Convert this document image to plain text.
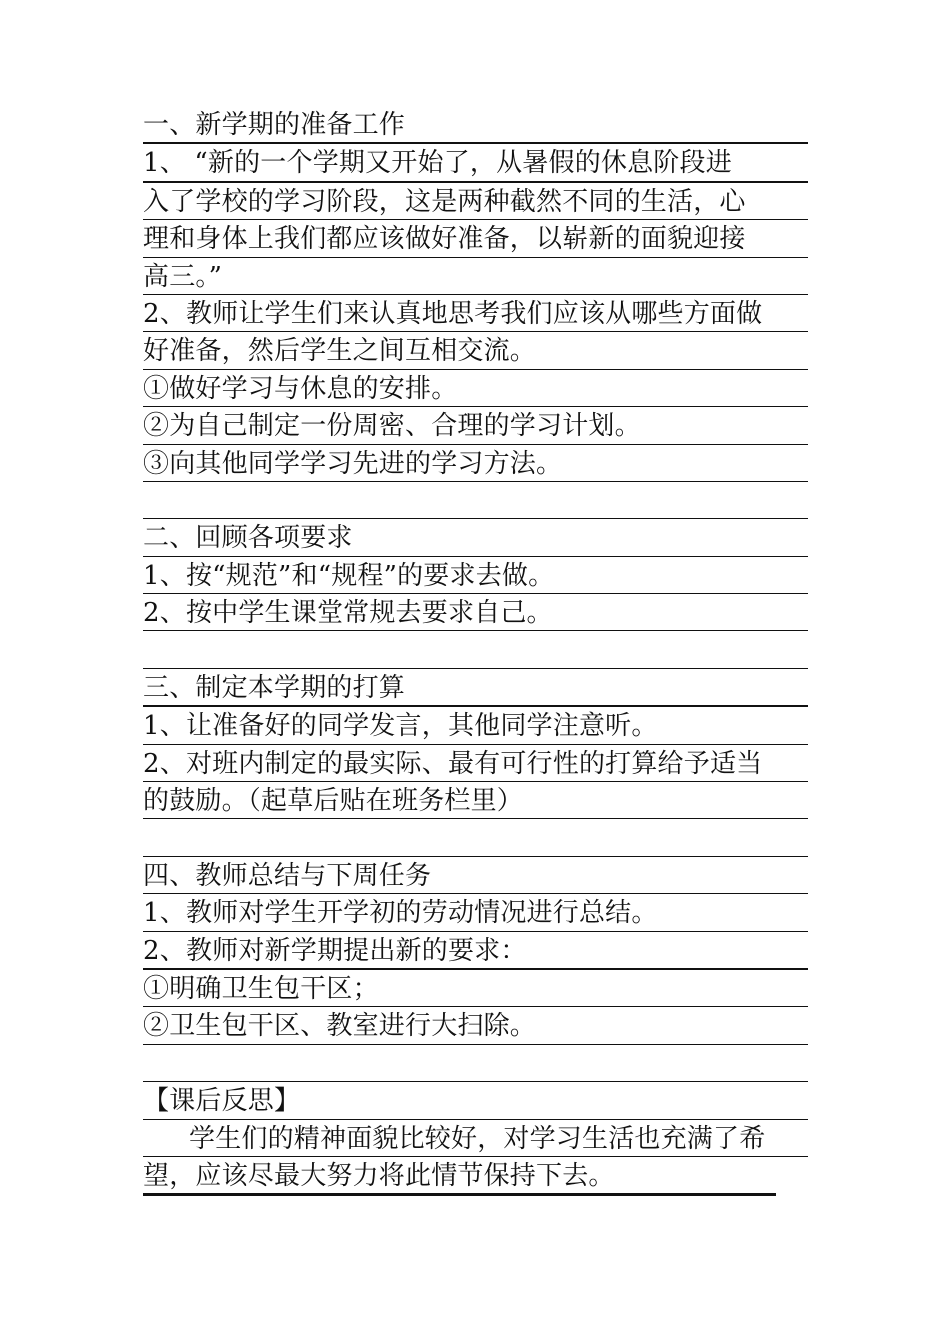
一、新学期的准备工作
1、 “新的一个学期又开始了，从暑假的休息阶段进
入了学校的学习阶段，这是两种截然不同的生活，心
理和身体上我们都应该做好准备，以崭新的面貌迎接
高三。”
2、教师让学生们来认真地思考我们应该从哪些方面做
好准备，然后学生之间互相交流。
①做好学习与休息的安排。
②为自己制定一份周密、合理的学习计划。
③向其他同学学习先进的学习方法。
二、回顾各项要求
1、按“规范”和“规程”的要求去做。
2、按中学生课堂常规去要求自己。
三、制定本学期的打算
1、让准备好的同学发言，其他同学注意听。
2、对班内制定的最实际、最有可行性的打算给予适当
的鼓励。（起草后贴在班务栏里）
四、教师总结与下周任务
1、教师对学生开学初的劳动情况进行总结。
2、教师对新学期提出新的要求：
①明确卫生包干区；
②卫生包干区、教室进行大扫除。
【课后反思】
学生们的精神面貌比较好，对学习生活也充满了希
望，应该尽最大努力将此情节保持下去。
